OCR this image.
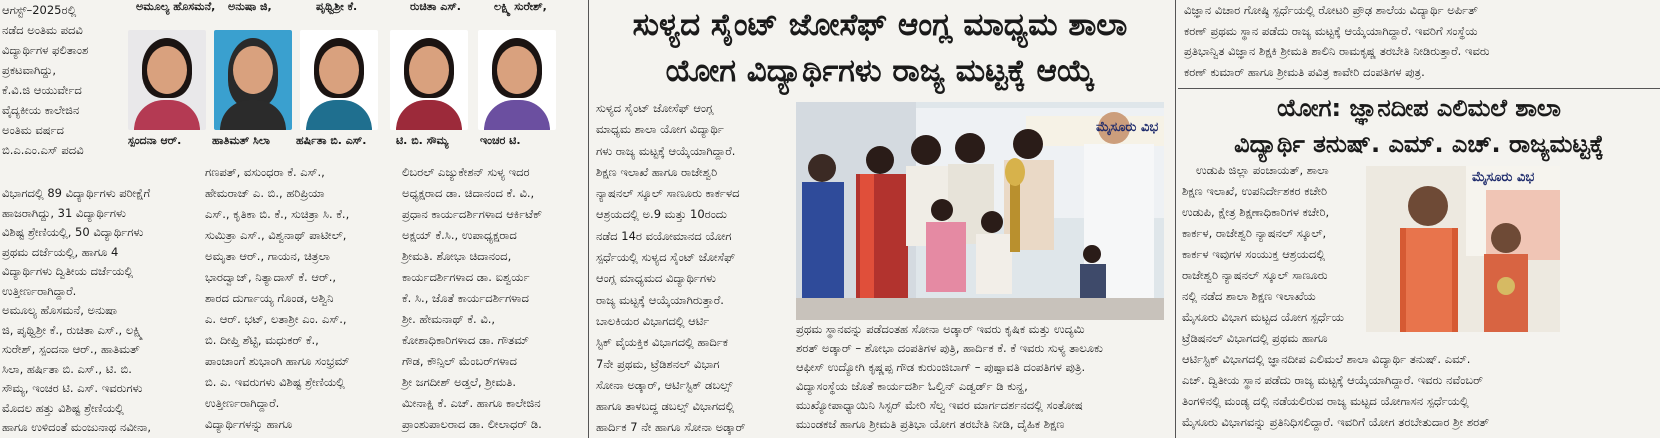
ಅಮೂಲ್ಯ ಹೊಸಮನೆ, ಅನುಷಾ ಜಿ,	ಪೃಥ್ವಿಶ್ರೀ ಕೆ.	ರುಚಿತಾ ಎಸ್.	ಲಕ್ಷ್ಮಿ ಸುರೇಶ್,

ಆಗಸ್ಟ್–2025ರಲ್ಲಿ

ನಡೆದ ಅಂತಿಮ ಪದವಿ

ವಿದ್ಯಾರ್ಥಿಗಳ ಫಲಿತಾಂಶ

ಪ್ರಕಟವಾಗಿದ್ದು,

ಕೆ.ವಿ.ಜಿ ಆಯುರ್ವೇದ

ವೈದ್ಯಕೀಯ ಕಾಲೇಜಿನ

ಅಂತಿಮ ವರ್ಷದ

ಬಿ.ಎ.ಎಂ.ಎಸ್ ಪದವಿ

ಸ್ಪಂದನಾ ಆರ್.	ಹಾತಿಮತ್ ಸಿಲಾ ಹರ್ಷಿತಾ ಬಿ. ಎಸ್.	ಟಿ. ಬಿ. ಸೌಮ್ಯ	ಇಂಚರ ಟಿ.

ವಿಭಾಗದಲ್ಲಿ 89 ವಿದ್ಯಾರ್ಥಿಗಳು ಪರೀಕ್ಷೆಗೆ

ಹಾಜರಾಗಿದ್ದು, 31 ವಿದ್ಯಾರ್ಥಿಗಳು

ವಿಶಿಷ್ಟ ಶ್ರೇಣಿಯಲ್ಲಿ, 50 ವಿದ್ಯಾರ್ಥಿಗಳು

ಪ್ರಥಮ ದರ್ಜೆಯಲ್ಲಿ, ಹಾಗೂ 4

ವಿದ್ಯಾರ್ಥಿಗಳು ದ್ವಿತೀಯ ದರ್ಜೆಯಲ್ಲಿ

ಉತ್ತೀರ್ಣರಾಗಿದ್ದಾರೆ.

ಅಮೂಲ್ಯ ಹೊಸಮನೆ, ಅನುಷಾ

ಜಿ, ಪೃಥ್ವಿಶ್ರೀ ಕೆ., ರುಚಿತಾ ಎಸ್., ಲಕ್ಷ್ಮಿ

ಸುರೇಶ್, ಸ್ಪಂದನಾ ಆರ್., ಹಾತಿಮತ್

ಸಿಲಾ, ಹರ್ಷಿತಾ ಬಿ. ಎಸ್., ಟಿ. ಬಿ.

ಸೌಮ್ಯ, ಇಂಚರ ಟಿ. ಎಸ್. ಇವರುಗಳು

ಮೊದಲ ಹತ್ತು ವಿಶಿಷ್ಟ ಶ್ರೇಣಿಯಲ್ಲಿ

ಹಾಗೂ ಉಳಿದಂತೆ ಮಂಜುನಾಥ ನವೀನಾ,

ಗಣಪತ್, ವಸುಂಧರಾ ಕೆ. ಎಸ್.,

ಹೇಮರಾಜ್ ಎ. ಬಿ., ಹರಿಪ್ರಿಯಾ

ಎಸ್., ಕೃತಿಕಾ ಬಿ. ಕೆ., ಸುಚಿತ್ರಾ ಸಿ. ಕೆ.,

ಸುಮಿತ್ರಾ ಎಸ್., ವಿಶ್ವನಾಥ್ ಪಾಟೀಲ್,

ಅಮೃತಾ ಆರ್., ಗಾಯನ, ಚಿತ್ರಲಾ

ಭಾರದ್ವಾಜ್, ನಿತ್ಯಾದಾಸ್ ಕೆ. ಆರ್.,

ಶಾರದ ದುರ್ಗಾಯ್ಯ ಗೊಂಡ, ಅಶ್ವಿನಿ

ಎ. ಆರ್. ಭಟ್, ಲತಾಶ್ರೀ ಎಂ. ಎಸ್.,

ಬಿ. ದೀಪ್ತಿ ಶೆಟ್ಟಿ, ಮಧುಕರ್ ಕೆ.,

ಪಾಂಚಾಂಗೆ ಶುಭಾಂಗಿ ಹಾಗೂ ಸಂಭ್ರಮ್

ಬಿ. ಎ. ಇವರುಗಳು ವಿಶಿಷ್ಟ ಶ್ರೇಣಿಯಲ್ಲಿ

ಉತ್ತೀರ್ಣರಾಗಿದ್ದಾರೆ.

ವಿದ್ಯಾರ್ಥಿಗಳನ್ನು ಹಾಗೂ

ಲಿಬರಲ್ ಎಜ್ಯುಕೇಶನ್ ಸುಳ್ಯ ಇದರ

ಅಧ್ಯಕ್ಷರಾದ ಡಾ. ಚಿದಾನಂದ ಕೆ. ವಿ.,

ಪ್ರಧಾನ ಕಾರ್ಯದರ್ಶಿಗಳಾದ ಆರ್ಕಿಟೆಕ್

ಅಕ್ಷಯ್ ಕೆ.ಸಿ., ಉಪಾಧ್ಯಕ್ಷರಾದ

ಶ್ರೀಮತಿ. ಶೋಭಾ ಚಿದಾನಂದ,

ಕಾರ್ಯದರ್ಶಿಗಳಾದ ಡಾ. ಐಶ್ವರ್ಯ

ಕೆ. ಸಿ., ಜೊತೆ ಕಾರ್ಯದರ್ಶಿಗಳಾದ

ಶ್ರೀ. ಹೇಮನಾಥ್ ಕೆ. ವಿ.,

ಕೋಶಾಧಿಕಾರಿಗಳಾದ ಡಾ. ಗೌತಮ್

ಗೌಡ, ಕೌನ್ಸಿಲ್ ಮೆಂಬರ್‌ಗಳಾದ

ಶ್ರೀ ಜಗದೀಶ್ ಅಡ್ತಲೆ, ಶ್ರೀಮತಿ.

ಮೀನಾಕ್ಷಿ ಕೆ. ಎಚ್. ಹಾಗೂ ಕಾಲೇಜಿನ

ಪ್ರಾಂಶುಪಾಲರಾದ ಡಾ. ಲೀಲಾಧರ್ ಡಿ.

ಸುಳ್ಯದ ಸೈಂಟ್ ಜೋಸೆಫ್ ಆಂಗ್ಲ ಮಾಧ್ಯಮ ಶಾಲಾ
ಯೋಗ ವಿದ್ಯಾರ್ಥಿಗಳು ರಾಜ್ಯ ಮಟ್ಟಕ್ಕೆ ಆಯ್ಕೆ

ಸುಳ್ಯದ ಸೈಂಟ್ ಜೋಸೆಫ್ ಆಂಗ್ಲ

ಮಾಧ್ಯಮ ಶಾಲಾ ಯೋಗ ವಿದ್ಯಾರ್ಥಿ

ಗಳು ರಾಜ್ಯ ಮಟ್ಟಕ್ಕೆ ಆಯ್ಕೆಯಾಗಿದ್ದಾರೆ.

ಶಿಕ್ಷಣ ಇಲಾಖೆ ಹಾಗೂ ರಾಜೇಶ್ವರಿ

ನ್ಯಾಷನಲ್ ಸ್ಕೂಲ್ ಸಾಣೂರು ಕಾರ್ಕಳದ

ಆಶ್ರಯದಲ್ಲಿ ಅ.9 ಮತ್ತು 10ರಂದು

ನಡೆದ 14ರ ವಯೋಮಾನದ ಯೋಗ

ಸ್ಪರ್ಧೆಯಲ್ಲಿ ಸುಳ್ಯದ ಸೈಂಟ್ ಜೋಸೆಫ್

ಆಂಗ್ಲ ಮಾಧ್ಯಮದ ವಿದ್ಯಾರ್ಥಿಗಳು

ರಾಜ್ಯ ಮಟ್ಟಕ್ಕೆ ಆಯ್ಕೆಯಾಗಿರುತ್ತಾರೆ.

ಬಾಲಕಿಯರ ವಿಭಾಗದಲ್ಲಿ ಆರ್ಟಿ

ಸ್ಟಿಕ್ ವೈಯಕ್ತಿಕ ವಿಭಾಗದಲ್ಲಿ ಹಾರ್ದಿಕ

7ನೇ ಪ್ರಥಮ, ಟ್ರೆಡಿಶನಲ್ ವಿಭಾಗ

ಸೋನಾ ಅಡ್ಕಾರ್, ಆರ್ಟಿಸ್ಟಿಕ್ ಡಬಲ್ಸ್

ಹಾಗೂ ತಾಳಬದ್ಧ ಡಬಲ್ಸ್ ವಿಭಾಗದಲ್ಲಿ

ಹಾರ್ದಿಕ 7 ನೇ ಹಾಗೂ ಸೋನಾ ಅಡ್ಕಾರ್

ಮೈಸೂರು ವಿಭ

ಪ್ರಥಮ ಸ್ಥಾನವನ್ನು ಪಡೆದಂತಹ ಸೋನಾ ಅಡ್ಕಾರ್ ಇವರು ಕೃಷಿಕ ಮತ್ತು ಉದ್ಯಮಿ

ಶರತ್ ಅಡ್ಕಾರ್ – ಶೋಭಾ ದಂಪತಿಗಳ ಪುತ್ರಿ, ಹಾರ್ದಿಕ ಕೆ. ಕೆ ಇವರು ಸುಳ್ಯ ತಾಲೂಕು

ಆಫೀಸ್ ಉದ್ಯೋಗಿ ಕೃಷ್ಣಪ್ಪ ಗೌಡ ಕುರುಂಜಿಬಾಗ್ – ಪುಷ್ಪಾವತಿ ದಂಪತಿಗಳ ಪುತ್ರಿ.

ವಿದ್ಯಾಸಂಸ್ಥೆಯ ಜೊತೆ ಕಾರ್ಯದರ್ಶಿ ಓಲ್ವಿನ್ ಎಡ್ವರ್ಡ್ ಡಿ ಕುನ್ಹ,

ಮುಖ್ಯೋಪಾಧ್ಯಾಯಿನಿ ಸಿಸ್ಟರ್ ಮೇರಿ ಸೆಲ್ವ ಇವರ ಮಾರ್ಗದರ್ಶನದಲ್ಲಿ ಸಂತೋಷ

ಮುಂಡಕಜೆ ಹಾಗೂ ಶ್ರೀಮತಿ ಪ್ರತಿಭಾ ಯೋಗ ತರಬೇತಿ ನೀಡಿ, ದೈಹಿಕ ಶಿಕ್ಷಣ

ವಿಜ್ಞಾನ ವಿಚಾರ ಗೋಷ್ಠಿ ಸ್ಪರ್ಧೆಯಲ್ಲಿ ರೋಟರಿ ಪ್ರೌಢ ಶಾಲೆಯ ವಿದ್ಯಾರ್ಥಿ ಅರ್ಪಿತ್

ಕರಣ್ ಪ್ರಥಮ ಸ್ಥಾನ ಪಡೆದು ರಾಜ್ಯ ಮಟ್ಟಕ್ಕೆ ಆಯ್ಕೆಯಾಗಿದ್ದಾರೆ. ಇವರಿಗೆ ಸಂಸ್ಥೆಯ

ಪ್ರತಿಭಾನ್ವಿತ ವಿಜ್ಞಾನ ಶಿಕ್ಷಕಿ ಶ್ರೀಮತಿ ಶಾಲಿನಿ ರಾಮಕೃಷ್ಣ ತರಬೇತಿ ನೀಡಿರುತ್ತಾರೆ. ಇವರು

ಕರಣ್ ಕುಮಾರ್ ಹಾಗೂ ಶ್ರೀಮತಿ ಪವಿತ್ರ ಕಾವೇರಿ ದಂಪತಿಗಳ ಪುತ್ರ.

ಯೋಗ: ಜ್ಞಾನದೀಪ ಎಲಿಮಲೆ ಶಾಲಾ
ವಿದ್ಯಾರ್ಥಿ ತನುಷ್. ಎಮ್. ಎಚ್. ರಾಜ್ಯಮಟ್ಟಕ್ಕೆ

ಉಡುಪಿ ಜಿಲ್ಲಾ ಪಂಚಾಯತ್, ಶಾಲಾ

ಶಿಕ್ಷಣ ಇಲಾಖೆ, ಉಪನಿರ್ದೇಶಕರ ಕಚೇರಿ

ಉಡುಪಿ, ಕ್ಷೇತ್ರ ಶಿಕ್ಷಣಾಧಿಕಾರಿಗಳ ಕಚೇರಿ,

ಕಾರ್ಕಳ, ರಾಜೇಶ್ವರಿ ನ್ಯಾಷನಲ್ ಸ್ಕೂಲ್,

ಕಾರ್ಕಳ ಇವುಗಳ ಸಂಯುಕ್ತ ಆಶ್ರಯದಲ್ಲಿ

ರಾಜೇಶ್ವರಿ ನ್ಯಾಷನಲ್ ಸ್ಕೂಲ್ ಸಾಣೂರು

ನಲ್ಲಿ ನಡೆದ ಶಾಲಾ ಶಿಕ್ಷಣ ಇಲಾಖೆಯ

ಮೈಸೂರು ವಿಭಾಗ ಮಟ್ಟದ ಯೋಗ ಸ್ಪರ್ಧೆಯ

ಟ್ರೆಡಿಷನಲ್ ವಿಭಾಗದಲ್ಲಿ ಪ್ರಥಮ ಹಾಗೂ

ಆರ್ಟಿಸ್ಟಿಕ್ ವಿಭಾಗದಲ್ಲಿ ಜ್ಞಾನದೀಪ ಎಲಿಮಲೆ ಶಾಲಾ ವಿದ್ಯಾರ್ಥಿ ತನುಷ್. ಎಮ್.

ಎಚ್. ದ್ವಿತೀಯ ಸ್ಥಾನ ಪಡೆದು ರಾಜ್ಯ ಮಟ್ಟಕ್ಕೆ ಆಯ್ಕೆಯಾಗಿದ್ದಾರೆ. ಇವರು ನವೆಂಬರ್

ತಿಂಗಳಿನಲ್ಲಿ ಮಂಡ್ಯ ದಲ್ಲಿ ನಡೆಯಲಿರುವ ರಾಜ್ಯ ಮಟ್ಟದ ಯೋಗಾಸನ ಸ್ಪರ್ಧೆಯಲ್ಲಿ

ಮೈಸೂರು ವಿಭಾಗವನ್ನು ಪ್ರತಿನಿಧಿಸಲಿದ್ದಾರೆ. ಇವರಿಗೆ ಯೋಗ ತರಬೇತುದಾರ ಶ್ರೀ ಶರತ್

ಮೈಸೂರು ವಿಭ
